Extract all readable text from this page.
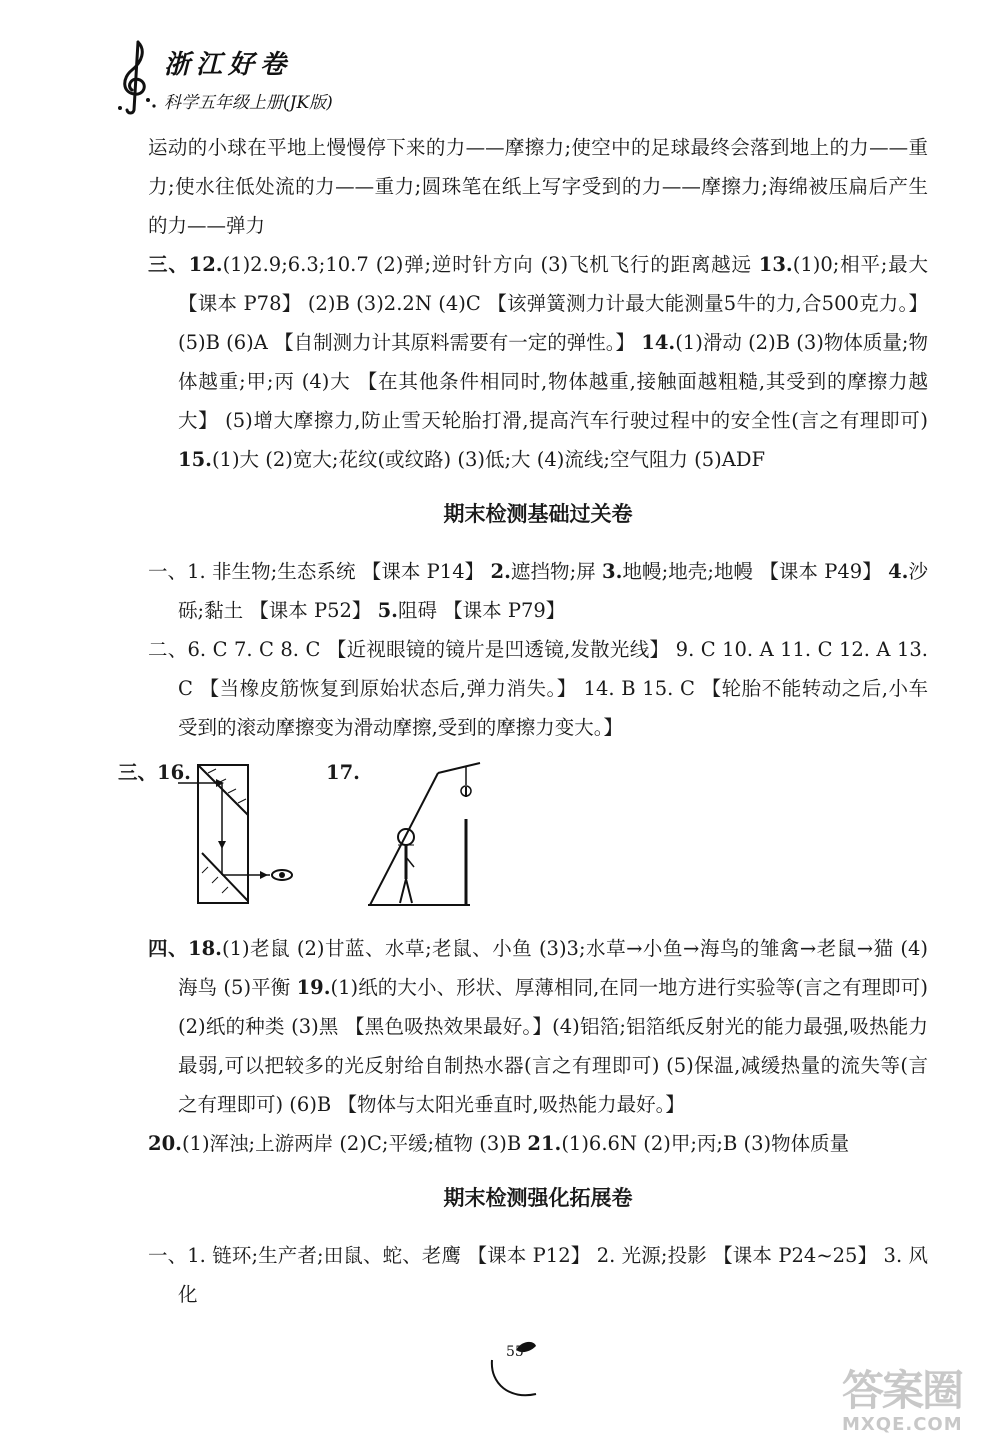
浙江好卷
科学五年级上册(JK版)

运动的小球在平地上慢慢停下来的力——摩擦力;使空中的足球最终会落到地上的力——重力;使水往低处流的力——重力;圆珠笔在纸上写字受到的力——摩擦力;海绵被压扁后产生的力——弹力

三、12.(1)2.9;6.3;10.7 (2)弹;逆时针方向 (3)飞机飞行的距离越远 13.(1)0;相平;最大 【课本 P78】 (2)B (3)2.2N (4)C 【该弹簧测力计最大能测量5牛的力,合500克力。】(5)B (6)A 【自制测力计其原料需要有一定的弹性。】 14.(1)滑动 (2)B (3)物体质量;物体越重;甲;丙 (4)大 【在其他条件相同时,物体越重,接触面越粗糙,其受到的摩擦力越大】 (5)增大摩擦力,防止雪天轮胎打滑,提高汽车行驶过程中的安全性(言之有理即可) 15.(1)大 (2)宽大;花纹(或纹路) (3)低;大 (4)流线;空气阻力 (5)ADF

期末检测基础过关卷

一、1. 非生物;生态系统 【课本 P14】 2.遮挡物;屏 3.地幔;地壳;地幔 【课本 P49】 4.沙砾;黏土 【课本 P52】 5.阻碍 【课本 P79】

二、6. C 7. C 8. C 【近视眼镜的镜片是凹透镜,发散光线】 9. C 10. A 11. C 12. A 13. C 【当橡皮筋恢复到原始状态后,弹力消失。】 14. B 15. C 【轮胎不能转动之后,小车受到的滚动摩擦变为滑动摩擦,受到的摩擦力变大。】

三、16.	17.

四、18.(1)老鼠 (2)甘蓝、水草;老鼠、小鱼 (3)3;水草→小鱼→海鸟的雏禽→老鼠→猫 (4)海鸟 (5)平衡 19.(1)纸的大小、形状、厚薄相同,在同一地方进行实验等(言之有理即可) (2)纸的种类 (3)黑 【黑色吸热效果最好。】(4)铝箔;铝箔纸反射光的能力最强,吸热能力最弱,可以把较多的光反射给自制热水器(言之有理即可) (5)保温,减缓热量的流失等(言之有理即可) (6)B 【物体与太阳光垂直时,吸热能力最好。】

20.(1)浑浊;上游两岸 (2)C;平缓;植物 (3)B 21.(1)6.6N (2)甲;丙;B (3)物体质量

期末检测强化拓展卷

一、1. 链环;生产者;田鼠、蛇、老鹰 【课本 P12】 2. 光源;投影 【课本 P24~25】 3. 风化

55
答案圈
MXQE.COM
